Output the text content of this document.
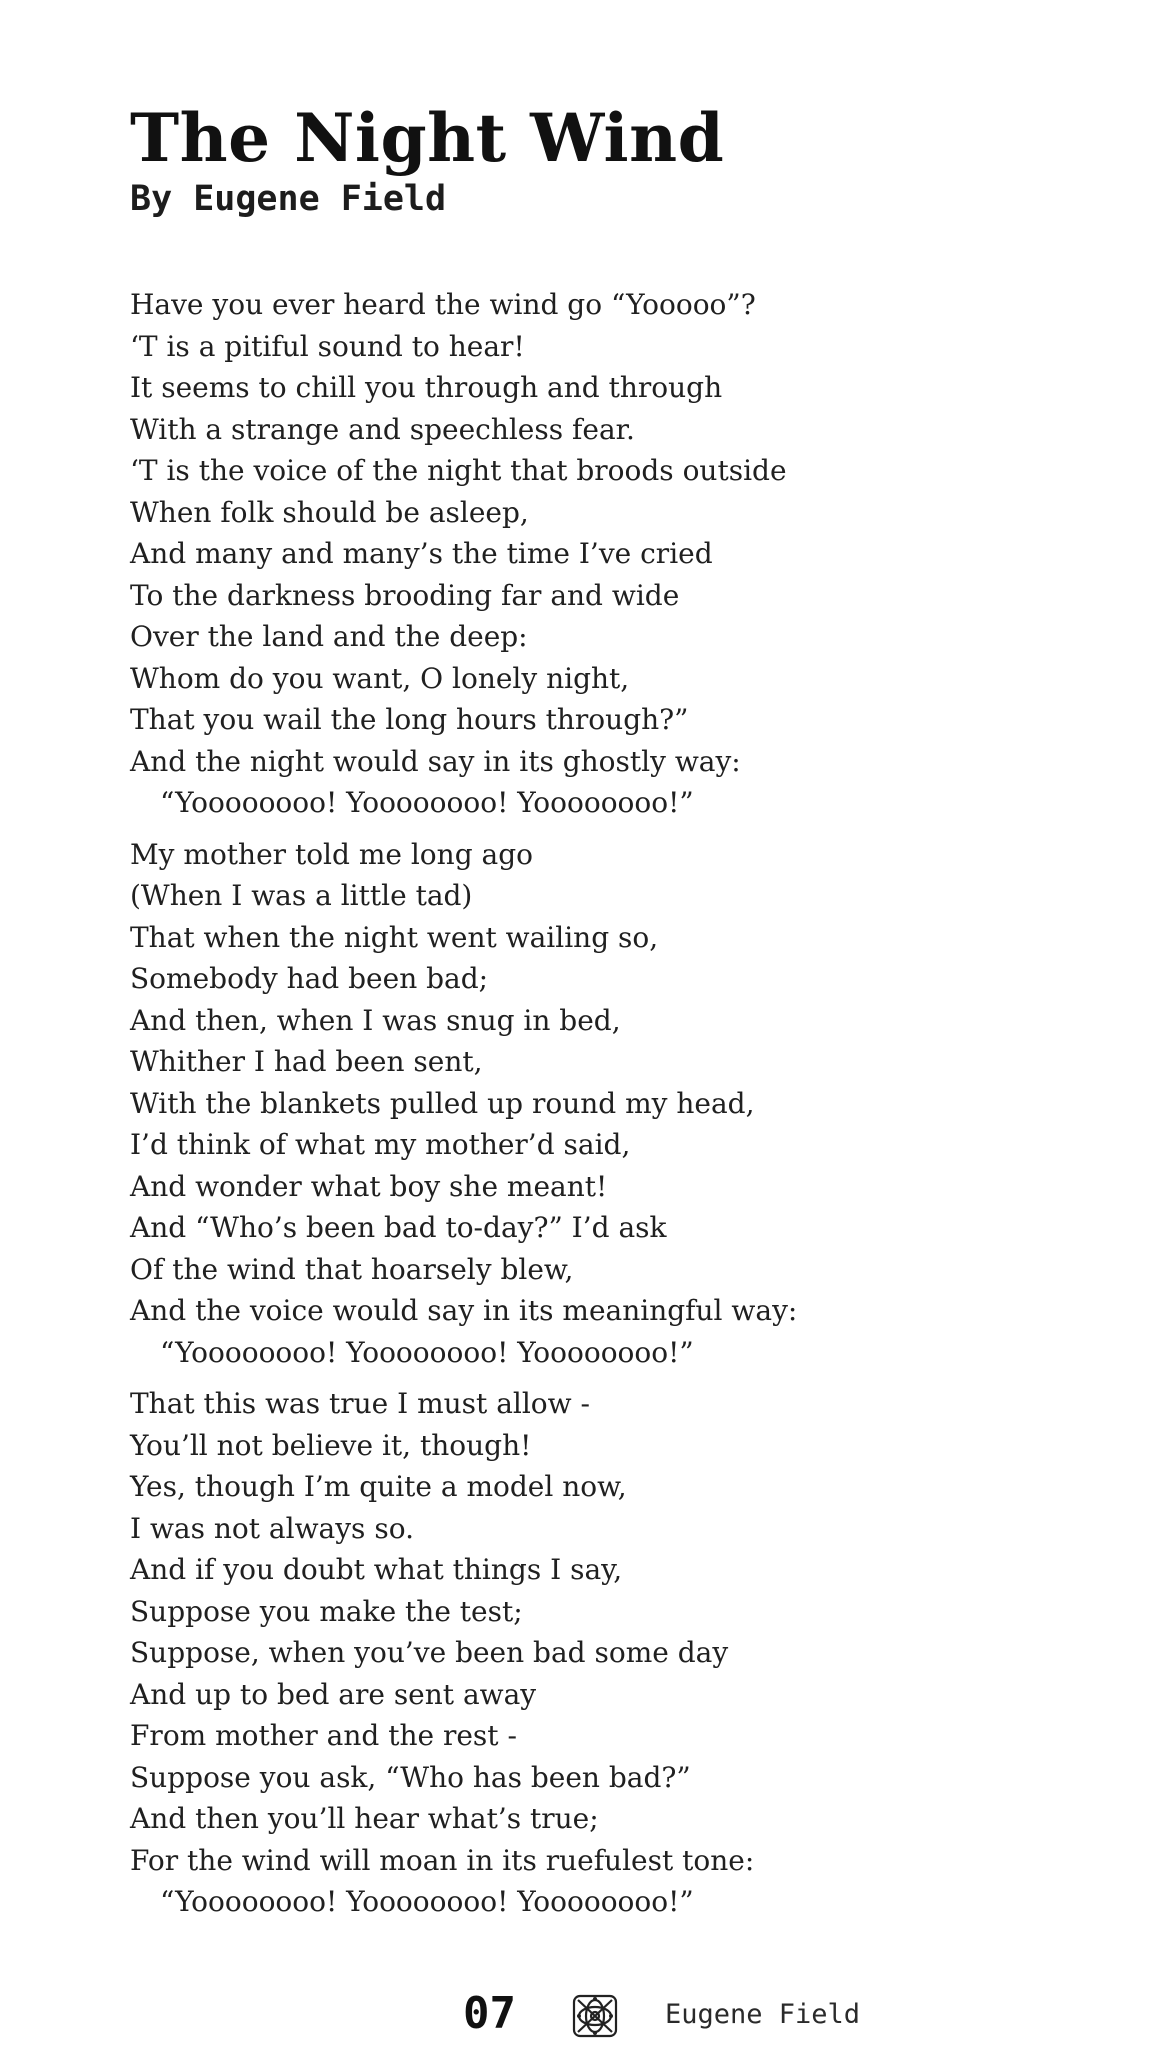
The Night Wind
By Eugene Field
Have you ever heard the wind go “Yooooo”?
‘T is a pitiful sound to hear!
It seems to chill you through and through
With a strange and speechless fear.
‘T is the voice of the night that broods outside
When folk should be asleep,
And many and many’s the time I’ve cried
To the darkness brooding far and wide
Over the land and the deep:
Whom do you want, O lonely night,
That you wail the long hours through?”
And the night would say in its ghostly way:
“Yoooooooo! Yoooooooo! Yoooooooo!”
My mother told me long ago
(When I was a little tad)
That when the night went wailing so,
Somebody had been bad;
And then, when I was snug in bed,
Whither I had been sent,
With the blankets pulled up round my head,
I’d think of what my mother’d said,
And wonder what boy she meant!
And “Who’s been bad to-day?” I’d ask
Of the wind that hoarsely blew,
And the voice would say in its meaningful way:
“Yoooooooo! Yoooooooo! Yoooooooo!”
That this was true I must allow -
You’ll not believe it, though!
Yes, though I’m quite a model now,
I was not always so.
And if you doubt what things I say,
Suppose you make the test;
Suppose, when you’ve been bad some day
And up to bed are sent away
From mother and the rest -
Suppose you ask, “Who has been bad?”
And then you’ll hear what’s true;
For the wind will moan in its ruefulest tone:
“Yoooooooo! Yoooooooo! Yoooooooo!”
07	Eugene Field
